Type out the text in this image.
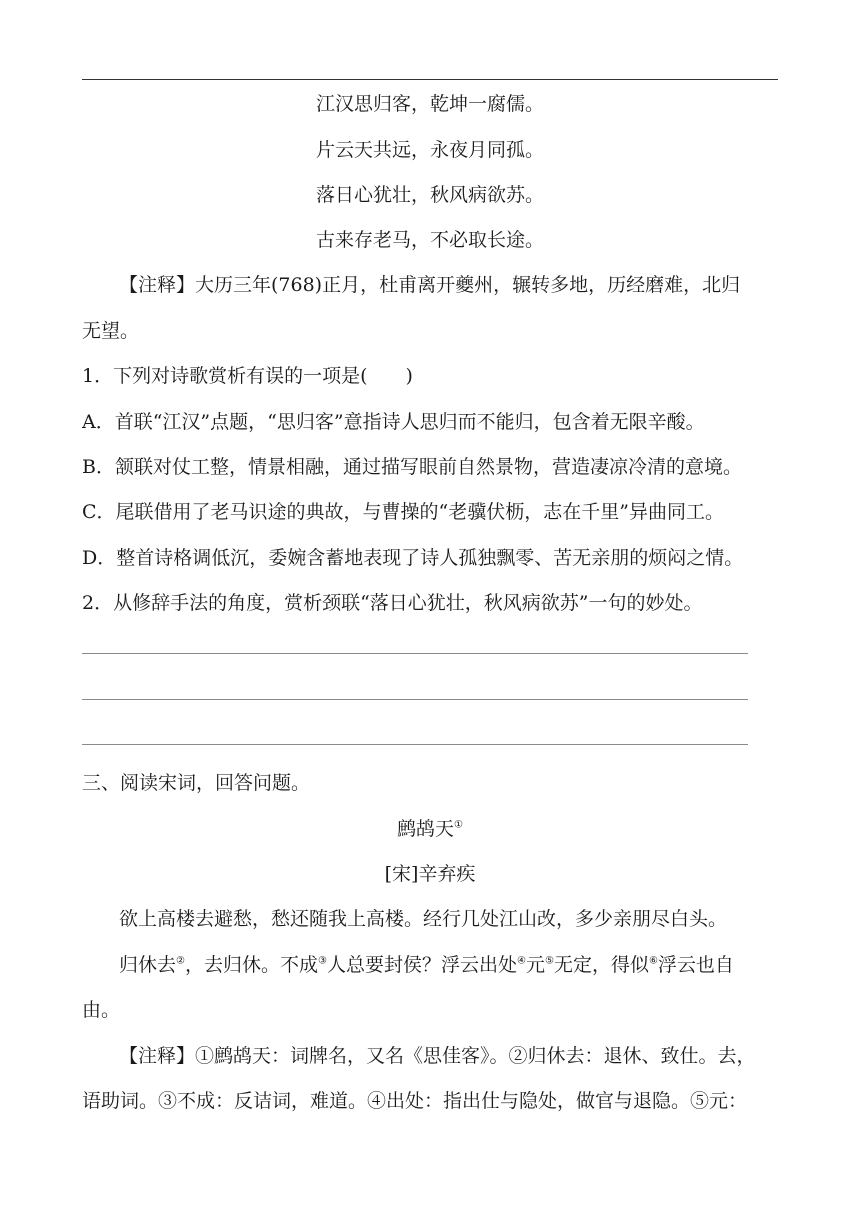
江汉思归客，乾坤一腐儒。
片云天共远，永夜月同孤。
落日心犹壮，秋风病欲苏。
古来存老马，不必取长途。
【注释】大历三年(768)正月，杜甫离开夔州，辗转多地，历经磨难，北归
无望。
1．下列对诗歌赏析有误的一项是(　　)
A．首联“江汉”点题，“思归客”意指诗人思归而不能归，包含着无限辛酸。
B．颔联对仗工整，情景相融，通过描写眼前自然景物，营造凄凉冷清的意境。
C．尾联借用了老马识途的典故，与曹操的“老骥伏枥，志在千里”异曲同工。
D．整首诗格调低沉，委婉含蓄地表现了诗人孤独飘零、苦无亲朋的烦闷之情。
2．从修辞手法的角度，赏析颈联“落日心犹壮，秋风病欲苏”一句的妙处。
三、阅读宋词，回答问题。
鹧鸪天①
[宋]辛弃疾
欲上高楼去避愁，愁还随我上高楼。经行几处江山改，多少亲朋尽白头。
归休去②，去归休。不成③人总要封侯？浮云出处④元⑤无定，得似⑥浮云也自
由。
【注释】①鹧鸪天：词牌名，又名《思佳客》。②归休去：退休、致仕。去，
语助词。③不成：反诘词，难道。④出处：指出仕与隐处，做官与退隐。⑤元：
